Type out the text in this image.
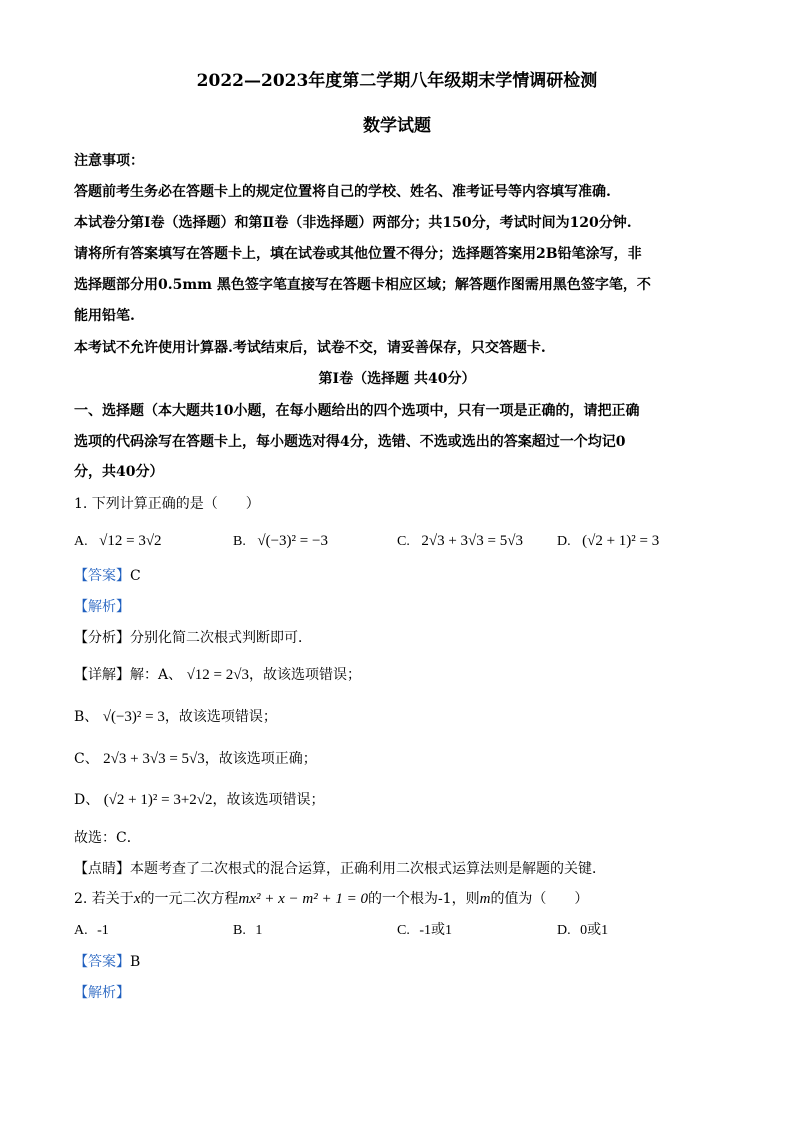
2022—2023年度第二学期八年级期末学情调研检测
数学试题
注意事项：
答题前考生务必在答题卡上的规定位置将自己的学校、姓名、准考证号等内容填写准确.
本试卷分第Ⅰ卷（选择题）和第Ⅱ卷（非选择题）两部分；共150分，考试时间为120分钟.
请将所有答案填写在答题卡上，填在试卷或其他位置不得分；选择题答案用2B铅笔涂写，非
选择题部分用0.5mm 黑色签字笔直接写在答题卡相应区域；解答题作图需用黑色签字笔，不
能用铅笔.
本考试不允许使用计算器.考试结束后，试卷不交，请妥善保存，只交答题卡.
第Ⅰ卷（选择题 共40分）
一、选择题（本大题共10小题，在每小题给出的四个选项中，只有一项是正确的，请把正确
选项的代码涂写在答题卡上，每小题选对得4分，选错、不选或选出的答案超过一个均记0
分，共40分）
1. 下列计算正确的是（　　）
A. √12 = 3√2	B. √(−3)² = −3	C. 2√3 + 3√3 = 5√3 D. (√2 + 1)² = 3
【答案】C
【解析】
【分析】分别化简二次根式判断即可．
【详解】解：A、 √12 = 2√3，故该选项错误；
B、 √(−3)² = 3，故该选项错误；
C、 2√3 + 3√3 = 5√3，故该选项正确；
D、 (√2 + 1)² = 3+2√2，故该选项错误；
故选：C．
【点睛】本题考查了二次根式的混合运算，正确利用二次根式运算法则是解题的关键．
2. 若关于x的一元二次方程mx² + x − m² + 1 = 0的一个根为-1，则m的值为（　　）
A. -1	B. 1	C. -1或1	D. 0或1
【答案】B
【解析】
